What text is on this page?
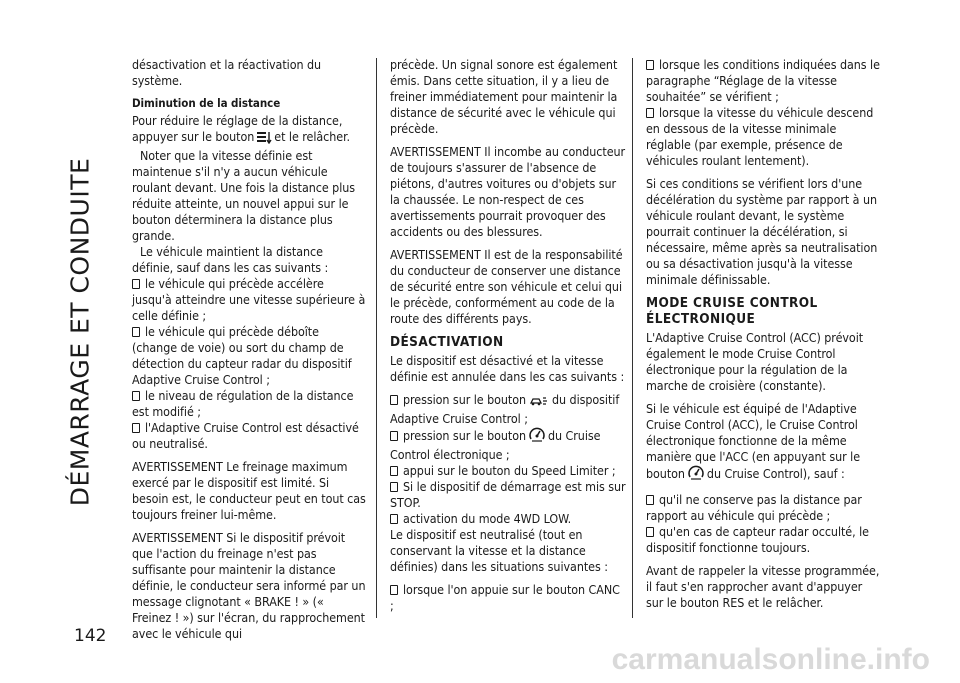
DÉMARRAGE ET CONDUITE
142

désactivation et la réactivation du système.

Diminution de la distance

Pour réduire le réglage de la distance, appuyer sur le bouton et le relâcher.

Noter que la vitesse définie est maintenue s'il n'y a aucun véhicule roulant devant. Une fois la distance plus réduite atteinte, un nouvel appui sur le bouton déterminera la distance plus grande.

Le véhicule maintient la distance définie, sauf dans les cas suivants :

le véhicule qui précède accélère jusqu'à atteindre une vitesse supérieure à celle définie ;

le véhicule qui précède déboîte (change de voie) ou sort du champ de détection du capteur radar du dispositif Adaptive Cruise Control ;

le niveau de régulation de la distance est modifié ;

l'Adaptive Cruise Control est désactivé ou neutralisé.

AVERTISSEMENT Le freinage maximum exercé par le dispositif est limité. Si besoin est, le conducteur peut en tout cas toujours freiner lui-même.

AVERTISSEMENT Si le dispositif prévoit que l'action du freinage n'est pas suffisante pour maintenir la distance définie, le conducteur sera informé par un message clignotant « BRAKE ! » (« Freinez ! ») sur l'écran, du rapprochement avec le véhicule qui

précède. Un signal sonore est également émis. Dans cette situation, il y a lieu de freiner immédiatement pour maintenir la distance de sécurité avec le véhicule qui précède.

AVERTISSEMENT Il incombe au conducteur de toujours s'assurer de l'absence de piétons, d'autres voitures ou d'objets sur la chaussée. Le non-respect de ces avertissements pourrait provoquer des accidents ou des blessures.

AVERTISSEMENT Il est de la responsabilité du conducteur de conserver une distance de sécurité entre son véhicule et celui qui le précède, conformément au code de la route des différents pays.

DÉSACTIVATION

Le dispositif est désactivé et la vitesse définie est annulée dans les cas suivants :

pression sur le bouton du dispositif Adaptive Cruise Control ;

pression sur le bouton du Cruise Control électronique ;

appui sur le bouton du Speed Limiter ;

Si le dispositif de démarrage est mis sur STOP.

activation du mode 4WD LOW.

Le dispositif est neutralisé (tout en conservant la vitesse et la distance définies) dans les situations suivantes :

lorsque l'on appuie sur le bouton CANC ;

lorsque les conditions indiquées dans le paragraphe “Réglage de la vitesse souhaitée” se vérifient ;

lorsque la vitesse du véhicule descend en dessous de la vitesse minimale réglable (par exemple, présence de véhicules roulant lentement).

Si ces conditions se vérifient lors d'une décélération du système par rapport à un véhicule roulant devant, le système pourrait continuer la décélération, si nécessaire, même après sa neutralisation ou sa désactivation jusqu'à la vitesse minimale définissable.

MODE CRUISE CONTROL ÉLECTRONIQUE

L'Adaptive Cruise Control (ACC) prévoit également le mode Cruise Control électronique pour la régulation de la marche de croisière (constante).

Si le véhicule est équipé de l'Adaptive Cruise Control (ACC), le Cruise Control électronique fonctionne de la même manière que l'ACC (en appuyant sur le bouton du Cruise Control), sauf :

qu'il ne conserve pas la distance par rapport au véhicule qui précède ;

qu'en cas de capteur radar occulté, le dispositif fonctionne toujours.

Avant de rappeler la vitesse programmée, il faut s'en rapprocher avant d'appuyer sur le bouton RES et le relâcher.

carmanualsonline.info
